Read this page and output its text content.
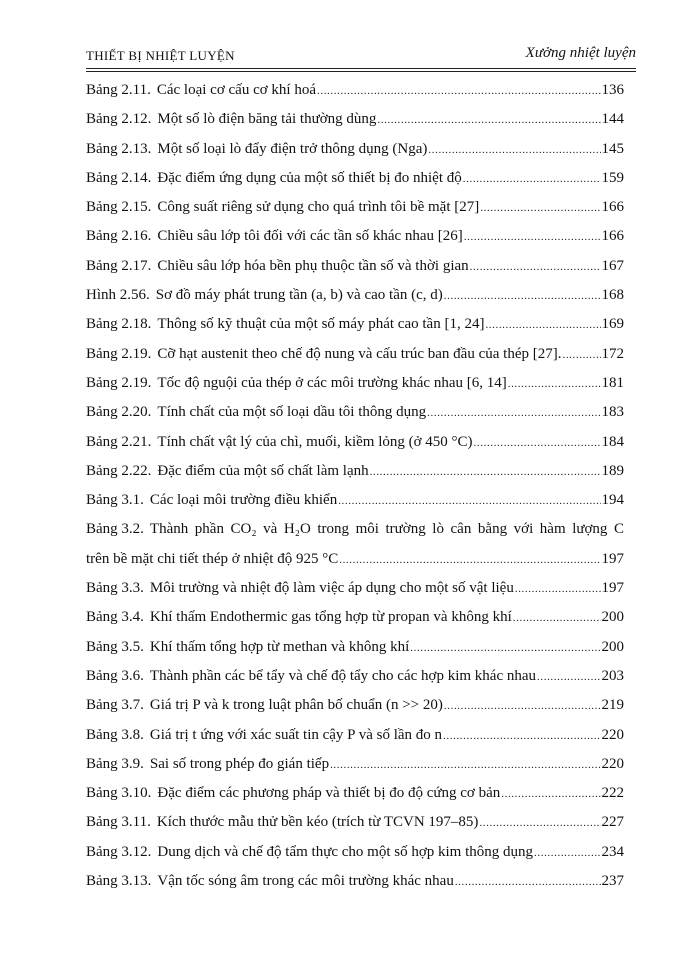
THIẾT BỊ NHIỆT LUYỆN	Xưởng nhiệt luyện
Bảng 2.11. Các loại cơ cấu cơ khí hoá .....	136
Bảng 2.12. Một số lò điện băng tải thường dùng .....	144
Bảng 2.13. Một số loại lò đẩy điện trở thông dụng (Nga) .....	145
Bảng 2.14. Đặc điểm ứng dụng của một số thiết bị đo nhiệt độ .....	159
Bảng 2.15. Công suất riêng sử dụng cho quá trình tôi bề mặt [27] .....	166
Bảng 2.16. Chiều sâu lớp tôi đối với các tần số khác nhau [26] .....	166
Bảng 2.17. Chiều sâu lớp hóa bền phụ thuộc tần số và thời gian .....	167
Hình 2.56. Sơ đồ máy phát trung tần (a, b) và cao tần (c, d) .....	168
Bảng 2.18. Thông số kỹ thuật của một số máy phát cao tần [1, 24] .....	169
Bảng 2.19. Cỡ hạt austenit theo chế độ nung và cấu trúc ban đầu của thép [27]. .....	172
Bảng 2.19. Tốc độ nguội của thép ở các môi trường khác nhau [6, 14] .....	181
Bảng 2.20. Tính chất của một số loại dầu tôi thông dụng .....	183
Bảng 2.21. Tính chất vật lý của chì, muối, kiềm lỏng (ở 450 °C) .....	184
Bảng 2.22. Đặc điểm của một số chất làm lạnh .....	189
Bảng 3.1. Các loại môi trường điều khiển .....	194
Bảng 3.2. Thành phần CO₂ và H₂O trong môi trường lò cân bằng với hàm lượng C
trên bề mặt chi tiết thép ở nhiệt độ 925 °C .....	197
Bảng 3.3. Môi trường và nhiệt độ làm việc áp dụng cho một số vật liệu .....	197
Bảng 3.4. Khí thấm Endothermic gas tổng hợp từ propan và không khí .....	200
Bảng 3.5. Khí thấm tổng hợp từ methan và không khí .....	200
Bảng 3.6. Thành phần các bể tẩy và chế độ tẩy cho các hợp kim khác nhau .....	203
Bảng 3.7. Giá trị P và k trong luật phân bố chuẩn (n >> 20) .....	219
Bảng 3.8. Giá trị t ứng với xác suất tin cậy P và số lần đo n .....	220
Bảng 3.9. Sai số trong phép đo gián tiếp .....	220
Bảng 3.10. Đặc điểm các phương pháp và thiết bị đo độ cứng cơ bản .....	222
Bảng 3.11. Kích thước mẫu thử bền kéo (trích từ TCVN 197–85) .....	227
Bảng 3.12. Dung dịch và chế độ tẩm thực cho một số hợp kim thông dụng .....	234
Bảng 3.13. Vận tốc sóng âm trong các môi trường khác nhau .....	237
